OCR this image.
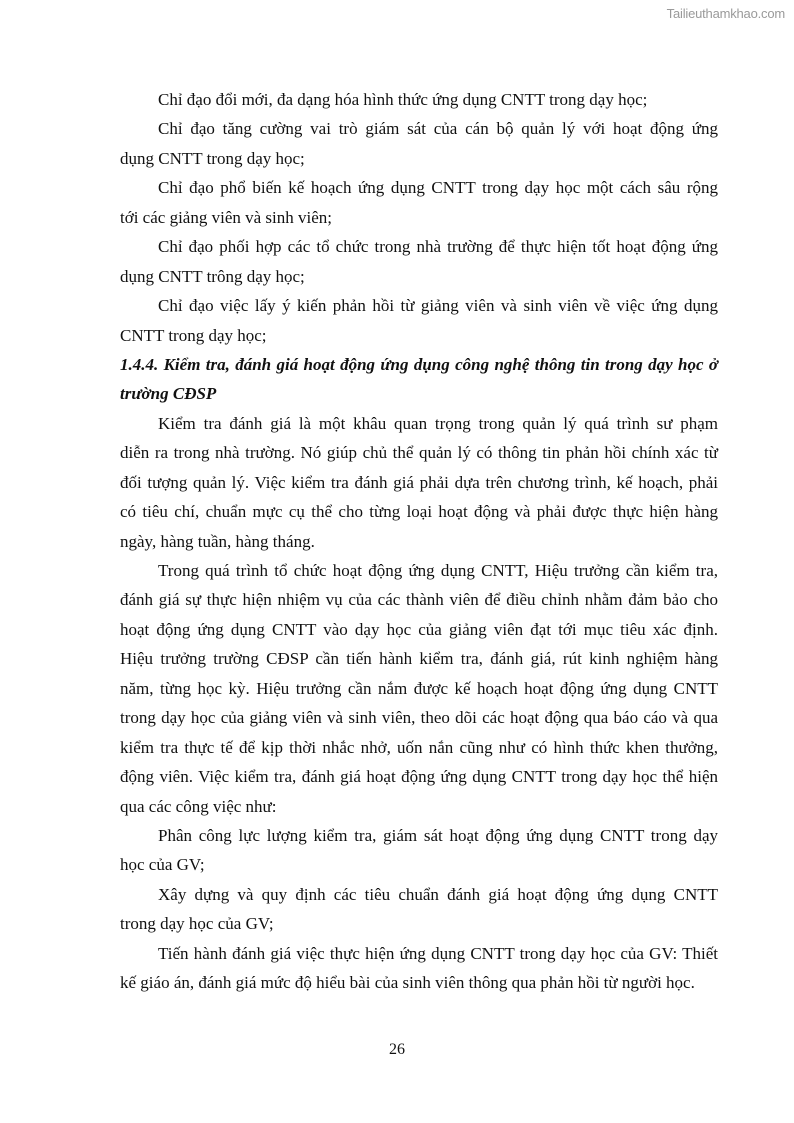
Tailieuthamkhao.com
Chỉ đạo đổi mới, đa dạng hóa hình thức ứng dụng CNTT trong dạy học;
Chỉ đạo tăng cường vai trò giám sát của cán bộ quản lý với hoạt động ứng
dụng CNTT trong dạy học;
Chỉ đạo phổ biến kế hoạch ứng dụng CNTT trong dạy học một cách sâu rộng
tới các giảng viên và sinh viên;
Chỉ đạo phối hợp các tổ chức trong nhà trường để thực hiện tốt hoạt động ứng
dụng CNTT trông dạy học;
Chỉ đạo việc lấy ý kiến phản hồi từ giảng viên và sinh viên về việc ứng dụng
CNTT trong dạy học;
1.4.4. Kiểm tra, đánh giá hoạt động ứng dụng công nghệ thông tin trong dạy học ở
trường CĐSP
Kiểm tra đánh giá là một khâu quan trọng trong quản lý quá trình sư phạm
diễn ra trong nhà trường. Nó giúp chủ thể quản lý có thông tin phản hồi chính xác từ
đối tượng quản lý. Việc kiểm tra đánh giá phải dựa trên chương trình, kế hoạch, phải
có tiêu chí, chuẩn mực cụ thể cho từng loại hoạt động và phải được thực hiện hàng
ngày, hàng tuần, hàng tháng.
Trong quá trình tổ chức hoạt động ứng dụng CNTT, Hiệu trưởng cần kiểm tra,
đánh giá sự thực hiện nhiệm vụ của các thành viên để điều chỉnh nhằm đảm bảo cho
hoạt động ứng dụng CNTT vào dạy học của giảng viên đạt tới mục tiêu xác định.
Hiệu trưởng trường CĐSP cần tiến hành kiểm tra, đánh giá, rút kinh nghiệm hàng
năm, từng học kỳ. Hiệu trưởng cần nắm được kế hoạch hoạt động ứng dụng CNTT
trong dạy học của giảng viên và sinh viên, theo dõi các hoạt động qua báo cáo và qua
kiểm tra thực tế để kịp thời nhắc nhở, uốn nắn cũng như có hình thức khen thưởng,
động viên. Việc kiểm tra, đánh giá hoạt động ứng dụng CNTT trong dạy học thể hiện
qua các công việc như:
Phân công lực lượng kiểm tra, giám sát hoạt động ứng dụng CNTT trong dạy
học của GV;
Xây dựng và quy định các tiêu chuẩn đánh giá hoạt động ứng dụng CNTT
trong dạy học của GV;
Tiến hành đánh giá việc thực hiện ứng dụng CNTT trong dạy học của GV: Thiết
kế giáo án, đánh giá mức độ hiểu bài của sinh viên thông qua phản hồi từ người học.
26
